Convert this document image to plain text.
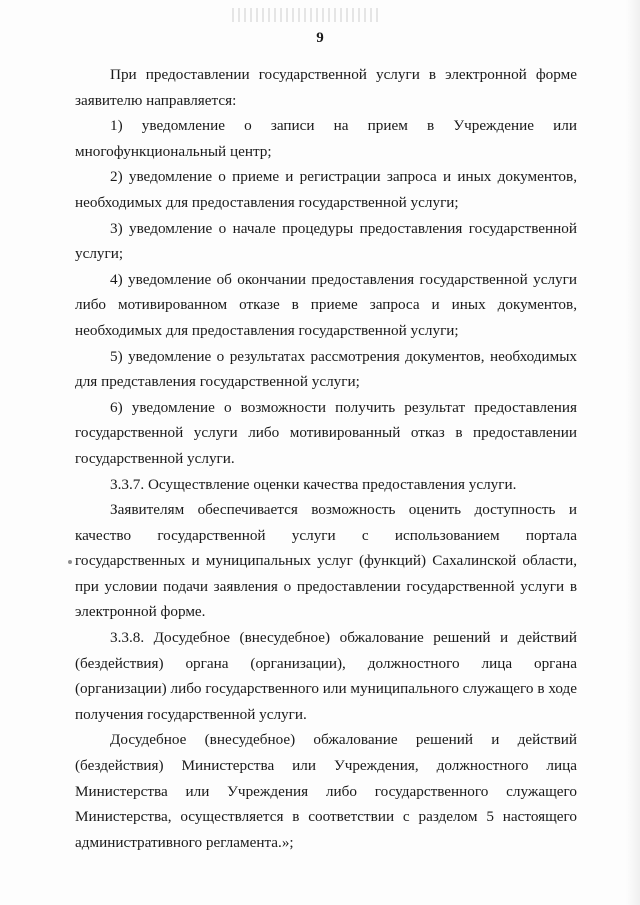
9

При предоставлении государственной услуги в электронной форме заявителю направляется:

1) уведомление о записи на прием в Учреждение или многофункциональный центр;

2) уведомление о приеме и регистрации запроса и иных документов, необходимых для предоставления государственной услуги;

3) уведомление о начале процедуры предоставления государственной услуги;

4) уведомление об окончании предоставления государственной услуги либо мотивированном отказе в приеме запроса и иных документов, необходимых для предоставления государственной услуги;

5) уведомление о результатах рассмотрения документов, необходимых для представления государственной услуги;

6) уведомление о возможности получить результат предоставления государственной услуги либо мотивированный отказ в предоставлении государственной услуги.

3.3.7. Осуществление оценки качества предоставления услуги.

Заявителям обеспечивается возможность оценить доступность и качество государственной услуги с использованием портала государственных и муниципальных услуг (функций) Сахалинской области, при условии подачи заявления о предоставлении государственной услуги в электронной форме.

3.3.8. Досудебное (внесудебное) обжалование решений и действий (бездействия) органа (организации), должностного лица органа (организации) либо государственного или муниципального служащего в ходе получения государственной услуги.

Досудебное (внесудебное) обжалование решений и действий (бездействия) Министерства или Учреждения, должностного лица Министерства или Учреждения либо государственного служащего Министерства, осуществляется в соответствии с разделом 5 настоящего административного регламента.»;
